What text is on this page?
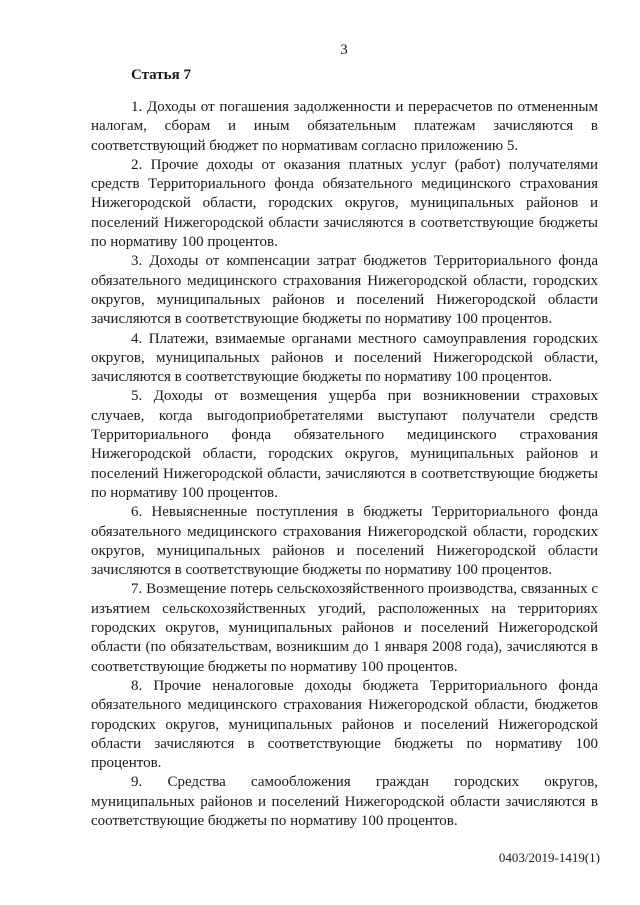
3
Статья 7

1. Доходы от погашения задолженности и перерасчетов по отмененным налогам, сборам и иным обязательным платежам зачисляются в соответствующий бюджет по нормативам согласно приложению 5.

2. Прочие доходы от оказания платных услуг (работ) получателями средств Территориального фонда обязательного медицинского страхования Нижегородской области, городских округов, муниципальных районов и поселений Нижегородской области зачисляются в соответствующие бюджеты по нормативу 100 процентов.

3. Доходы от компенсации затрат бюджетов Территориального фонда обязательного медицинского страхования Нижегородской области, городских округов, муниципальных районов и поселений Нижегородской области зачисляются в соответствующие бюджеты по нормативу 100 процентов.

4. Платежи, взимаемые органами местного самоуправления городских округов, муниципальных районов и поселений Нижегородской области, зачисляются в соответствующие бюджеты по нормативу 100 процентов.

5. Доходы от возмещения ущерба при возникновении страховых случаев, когда выгодоприобретателями выступают получатели средств Территориального фонда обязательного медицинского страхования Нижегородской области, городских округов, муниципальных районов и поселений Нижегородской области, зачисляются в соответствующие бюджеты по нормативу 100 процентов.

6. Невыясненные поступления в бюджеты Территориального фонда обязательного медицинского страхования Нижегородской области, городских округов, муниципальных районов и поселений Нижегородской области зачисляются в соответствующие бюджеты по нормативу 100 процентов.

7. Возмещение потерь сельскохозяйственного производства, связанных с изъятием сельскохозяйственных угодий, расположенных на территориях городских округов, муниципальных районов и поселений Нижегородской области (по обязательствам, возникшим до 1 января 2008 года), зачисляются в соответствующие бюджеты по нормативу 100 процентов.

8. Прочие неналоговые доходы бюджета Территориального фонда обязательного медицинского страхования Нижегородской области, бюджетов городских округов, муниципальных районов и поселений Нижегородской области зачисляются в соответствующие бюджеты по нормативу 100 процентов.

9. Средства самообложения граждан городских округов, муниципальных районов и поселений Нижегородской области зачисляются в соответствующие бюджеты по нормативу 100 процентов.

0403/2019-1419(1)
